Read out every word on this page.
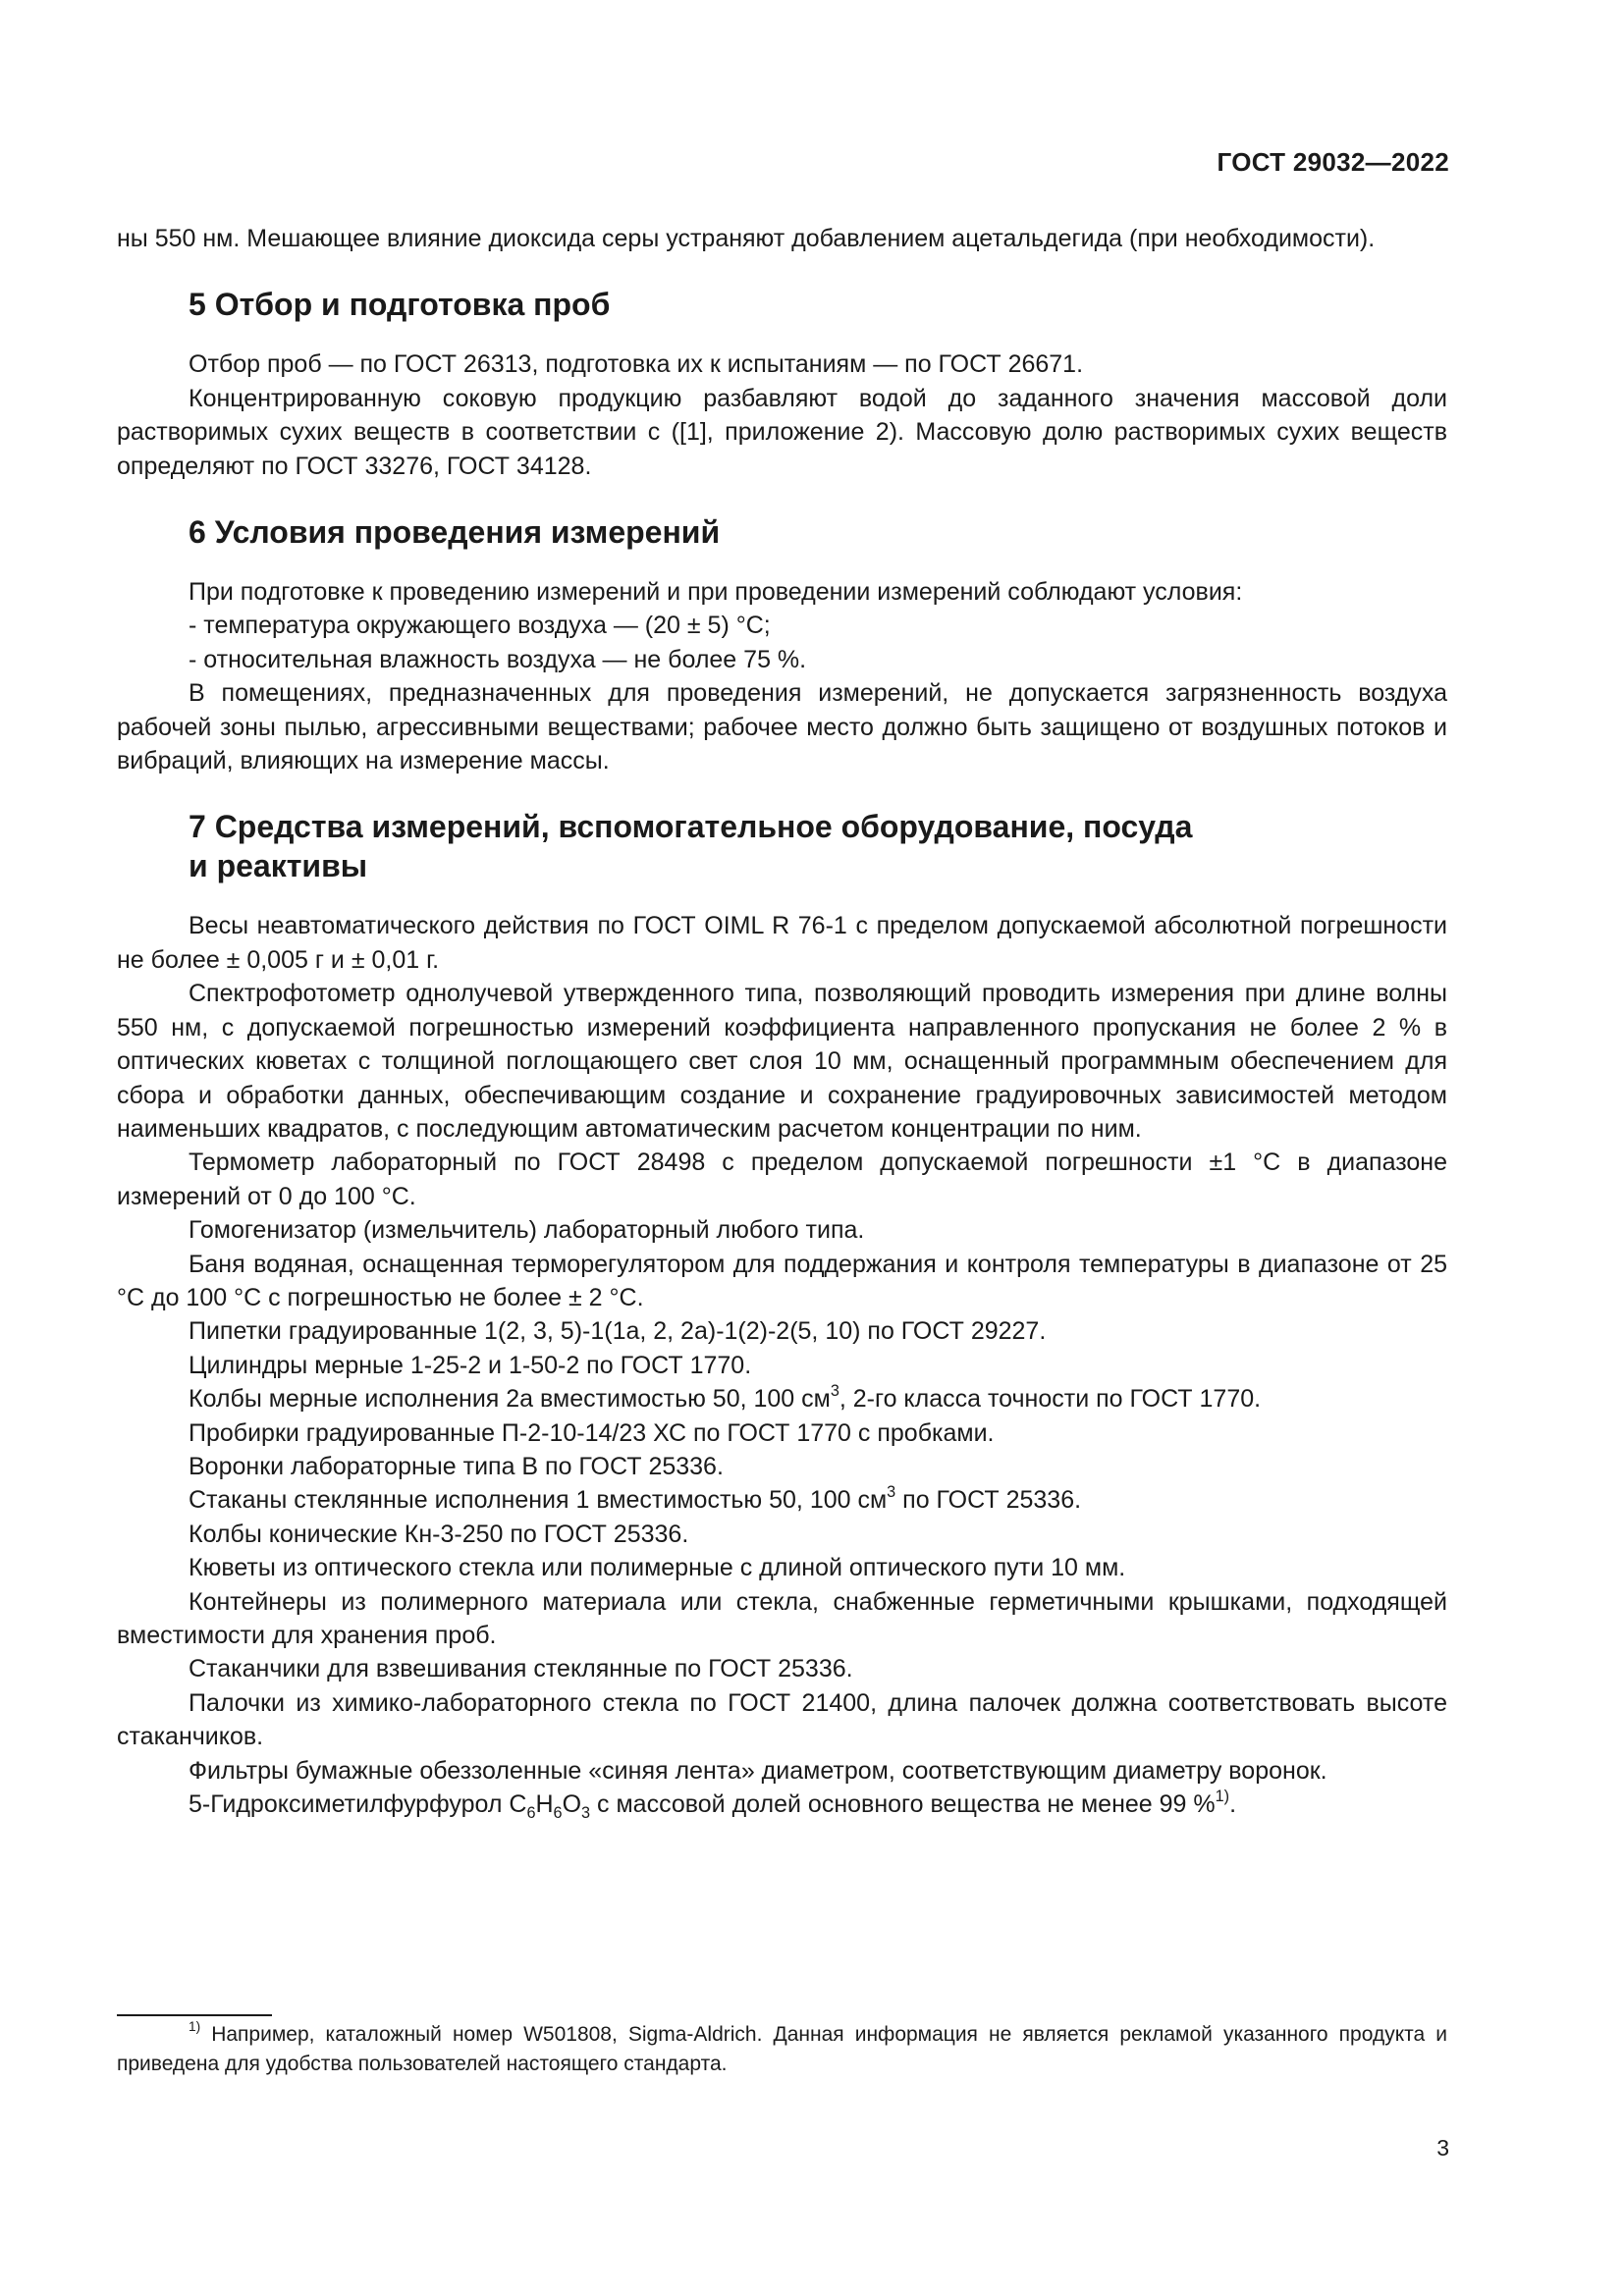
ГОСТ 29032—2022

ны 550 нм. Мешающее влияние диоксида серы устраняют добавлением ацетальдегида (при необходимости).

5 Отбор и подготовка проб

Отбор проб — по ГОСТ 26313, подготовка их к испытаниям — по ГОСТ 26671.

Концентрированную соковую продукцию разбавляют водой до заданного значения массовой доли растворимых сухих веществ в соответствии с ([1], приложение 2). Массовую долю растворимых сухих веществ определяют по ГОСТ 33276, ГОСТ 34128.

6 Условия проведения измерений

При подготовке к проведению измерений и при проведении измерений соблюдают условия:

- температура окружающего воздуха — (20 ± 5) °С;

- относительная влажность воздуха — не более 75 %.

В помещениях, предназначенных для проведения измерений, не допускается загрязненность воздуха рабочей зоны пылью, агрессивными веществами; рабочее место должно быть защищено от воздушных потоков и вибраций, влияющих на измерение массы.

7 Средства измерений, вспомогательное оборудование, посуда
и реактивы

Весы неавтоматического действия по ГОСТ OIML R 76-1 с пределом допускаемой абсолютной погрешности не более ± 0,005 г и ± 0,01 г.

Спектрофотометр однолучевой утвержденного типа, позволяющий проводить измерения при длине волны 550 нм, с допускаемой погрешностью измерений коэффициента направленного пропускания не более 2 % в оптических кюветах с толщиной поглощающего свет слоя 10 мм, оснащенный программным обеспечением для сбора и обработки данных, обеспечивающим создание и сохранение градуировочных зависимостей методом наименьших квадратов, с последующим автоматическим расчетом концентрации по ним.

Термометр лабораторный по ГОСТ 28498 с пределом допускаемой погрешности ±1 °С в диапазоне измерений от 0 до 100 °С.

Гомогенизатор (измельчитель) лабораторный любого типа.

Баня водяная, оснащенная терморегулятором для поддержания и контроля температуры в диапазоне от 25 °С до 100 °С с погрешностью не более ± 2 °С.

Пипетки градуированные 1(2, 3, 5)-1(1а, 2, 2а)-1(2)-2(5, 10) по ГОСТ 29227.

Цилиндры мерные 1-25-2 и 1-50-2 по ГОСТ 1770.

Колбы мерные исполнения 2а вместимостью 50, 100 $см^3$, 2-го класса точности по ГОСТ 1770.

Пробирки градуированные П-2-10-14/23 ХС по ГОСТ 1770 с пробками.

Воронки лабораторные типа В по ГОСТ 25336.

Стаканы стеклянные исполнения 1 вместимостью 50, 100 $см^3$ по ГОСТ 25336.

Колбы конические Кн-3-250 по ГОСТ 25336.

Кюветы из оптического стекла или полимерные с длиной оптического пути 10 мм.

Контейнеры из полимерного материала или стекла, снабженные герметичными крышками, подходящей вместимости для хранения проб.

Стаканчики для взвешивания стеклянные по ГОСТ 25336.

Палочки из химико-лабораторного стекла по ГОСТ 21400, длина палочек должна соответствовать высоте стаканчиков.

Фильтры бумажные обеззоленные «синяя лента» диаметром, соответствующим диаметру воронок.

5-Гидроксиметилфурфурол $С_6Н_6О_3$ с массовой долей основного вещества не менее 99 %$^{1)}$.

$^{1)}$ Например, каталожный номер W501808, Sigma-Aldrich. Данная информация не является рекламой указанного продукта и приведена для удобства пользователей настоящего стандарта.

3
